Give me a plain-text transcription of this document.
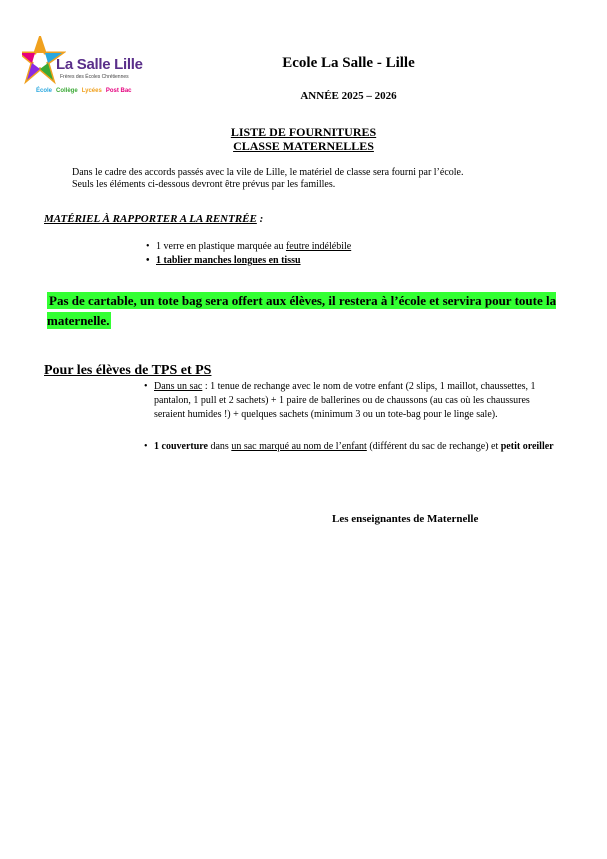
La Salle Lille
Frères des Écoles Chrétiennes
École Collège Lycées Post Bac
Ecole La Salle - Lille
ANNÉE 2025 – 2026
LISTE DE FOURNITURES
CLASSE MATERNELLES
Dans le cadre des accords passés avec la vile de Lille, le matériel de classe sera fourni par l’école.
Seuls les éléments ci-dessous devront être prévus par les familles.
MATÉRIEL À RAPPORTER A LA RENTRÉE :
• 1 verre en plastique marquée au feutre indélébile
• 1 tablier manches longues en tissu
Pas de cartable, un tote bag sera offert aux élèves, il restera à l’école et servira pour toute la maternelle.
Pour les élèves de TPS et PS
• Dans un sac : 1 tenue de rechange avec le nom de votre enfant (2 slips, 1 maillot, chaussettes, 1 pantalon, 1 pull et 2 sachets) + 1 paire de ballerines ou de chaussons (au cas où les chaussures seraient humides !) + quelques sachets (minimum 3 ou un tote-bag pour le linge sale).
• 1 couverture dans un sac marqué au nom de l’enfant (différent du sac de rechange) et petit oreiller
Les enseignantes de Maternelle
